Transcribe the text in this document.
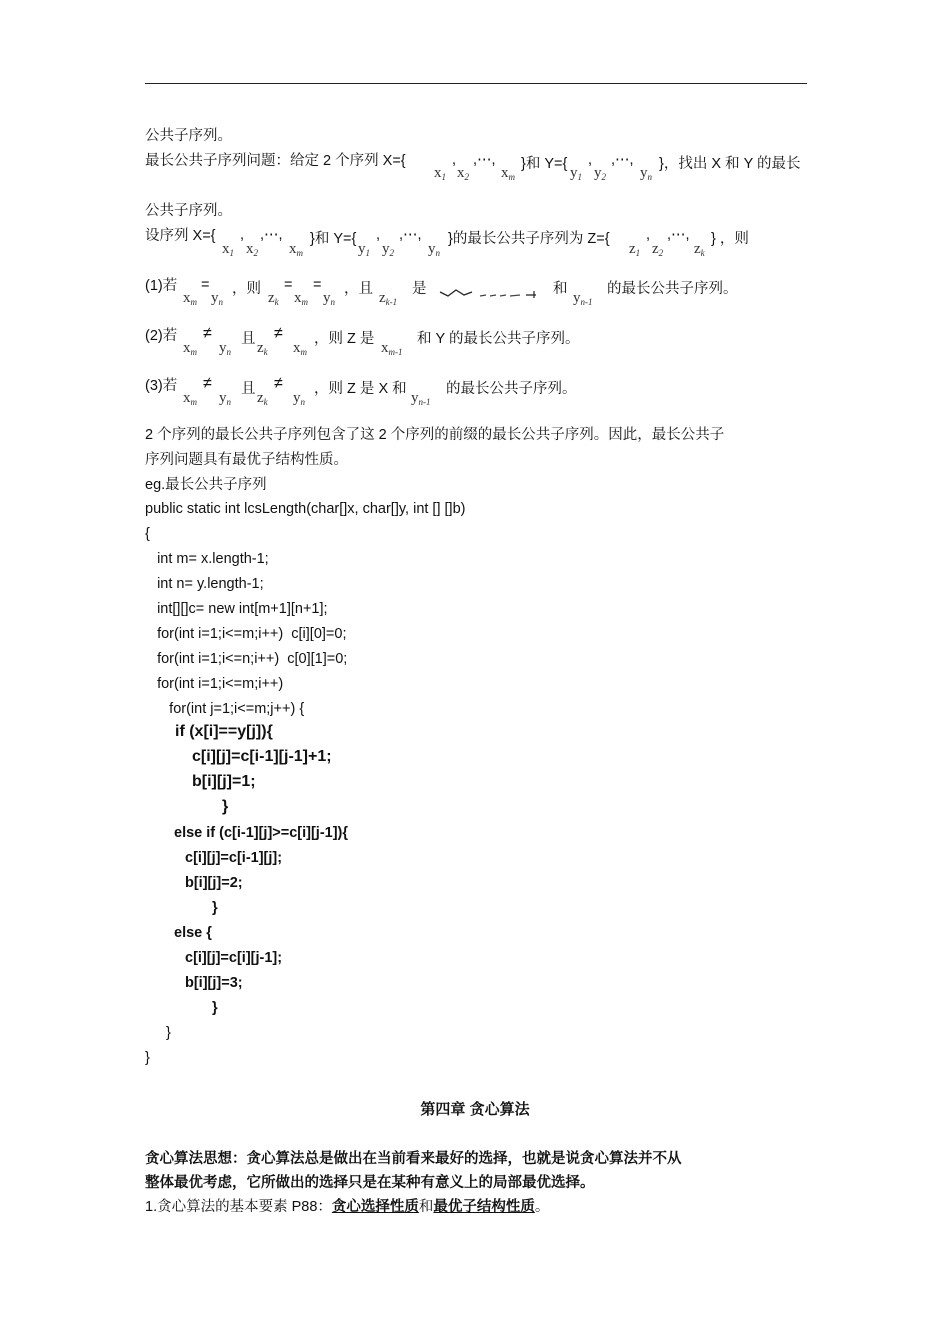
公共子序列。
最长公共子序列问题：给定 2 个序列 X={
$x_1$
,
$x_2$
,⋯,
$x_m$
}和 Y={
$y_1$
,
$y_2$
,⋯,
$y_n$
}，找出 X 和 Y 的最长
公共子序列。
设序列 X={
$x_1$
,
$x_2$
,⋯,
$x_m$
}和 Y={
$y_1$
,
$y_2$
,⋯,
$y_n$
}的最长公共子序列为 Z={
$z_1$
,
$z_2$
,⋯,
$z_k$
} ，则
(1)若
$x_m$
=
$y_n$
，则
$z_k$
=
$x_m$
=
$y_n$
，且
$z_{k-1}$
是	和
$y_{n-1}$
的最长公共子序列。
(2)若
$x_m$
≠
$y_n$
且
$z_k$
≠
$x_m$
，则 Z 是
$x_{m-1}$
和 Y 的最长公共子序列。
(3)若
$x_m$
≠
$y_n$
且
$z_k$
≠
$y_n$
，则 Z 是 X 和
$y_{n-1}$
的最长公共子序列。
2 个序列的最长公共子序列包含了这 2 个序列的前缀的最长公共子序列。因此，最长公共子
序列问题具有最优子结构性质。
eg.最长公共子序列
public static int lcsLength(char[]x, char[]y, int [] []b)
{
int m= x.length-1;
int n= y.length-1;
int[][]c= new int[m+1][n+1];
for(int i=1;i<=m;i++)  c[i][0]=0;
for(int i=1;i<=n;i++)  c[0][1]=0;
for(int i=1;i<=m;i++)
for(int j=1;i<=m;j++) {
if (x[i]==y[j]){
c[i][j]=c[i-1][j-1]+1;
b[i][j]=1;
}
else if (c[i-1][j]>=c[i][j-1]){
c[i][j]=c[i-1][j];
b[i][j]=2;
}
else {
c[i][j]=c[i][j-1];
b[i][j]=3;
}
}
}
第四章 贪心算法
贪心算法思想：贪心算法总是做出在当前看来最好的选择，也就是说贪心算法并不从
整体最优考虑，它所做出的选择只是在某种有意义上的局部最优选择。
1.贪心算法的基本要素 P88：贪心选择性质和最优子结构性质。
